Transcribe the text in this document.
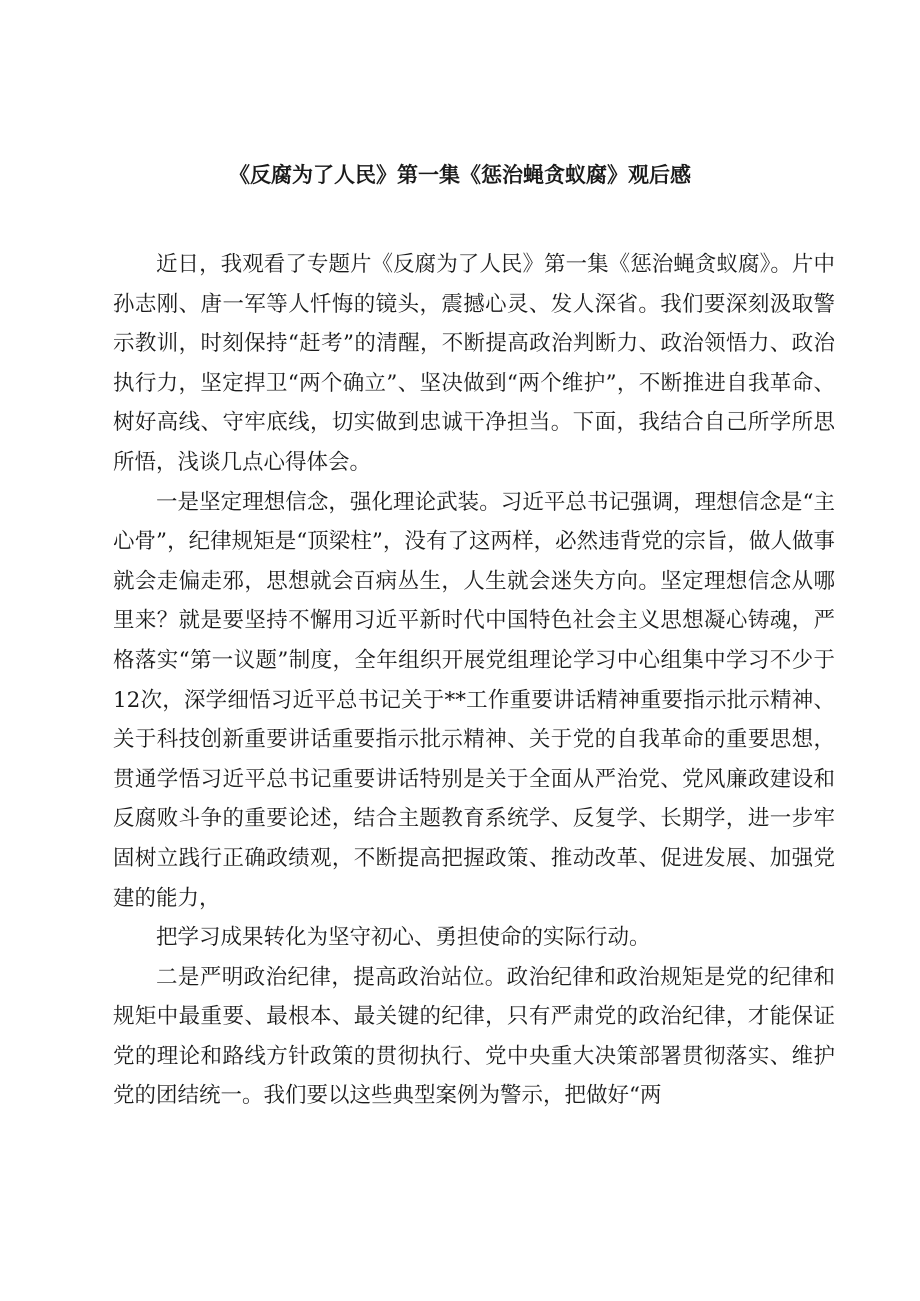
《反腐为了人民》第一集《惩治蝇贪蚁腐》观后感

近日，我观看了专题片《反腐为了人民》第一集《惩治蝇贪蚁腐》。片中孙志刚、唐一军等人忏悔的镜头，震撼心灵、发人深省。我们要深刻汲取警示教训，时刻保持“赶考”的清醒，不断提高政治判断力、政治领悟力、政治执行力，坚定捍卫“两个确立”、坚决做到“两个维护”，不断推进自我革命、树好高线、守牢底线，切实做到忠诚干净担当。下面，我结合自己所学所思所悟，浅谈几点心得体会。

一是坚定理想信念，强化理论武装。习近平总书记强调，理想信念是“主心骨”，纪律规矩是“顶梁柱”，没有了这两样，必然违背党的宗旨，做人做事就会走偏走邪，思想就会百病丛生，人生就会迷失方向。坚定理想信念从哪里来？就是要坚持不懈用习近平新时代中国特色社会主义思想凝心铸魂，严格落实“第一议题”制度，全年组织开展党组理论学习中心组集中学习不少于12次，深学细悟习近平总书记关于**工作重要讲话精神重要指示批示精神、关于科技创新重要讲话重要指示批示精神、关于党的自我革命的重要思想，贯通学悟习近平总书记重要讲话特别是关于全面从严治党、党风廉政建设和反腐败斗争的重要论述，结合主题教育系统学、反复学、长期学，进一步牢固树立践行正确政绩观，不断提高把握政策、推动改革、促进发展、加强党建的能力，

把学习成果转化为坚守初心、勇担使命的实际行动。

二是严明政治纪律，提高政治站位。政治纪律和政治规矩是党的纪律和规矩中最重要、最根本、最关键的纪律，只有严肃党的政治纪律，才能保证党的理论和路线方针政策的贯彻执行、党中央重大决策部署贯彻落实、维护党的团结统一。我们要以这些典型案例为警示，把做好“两
